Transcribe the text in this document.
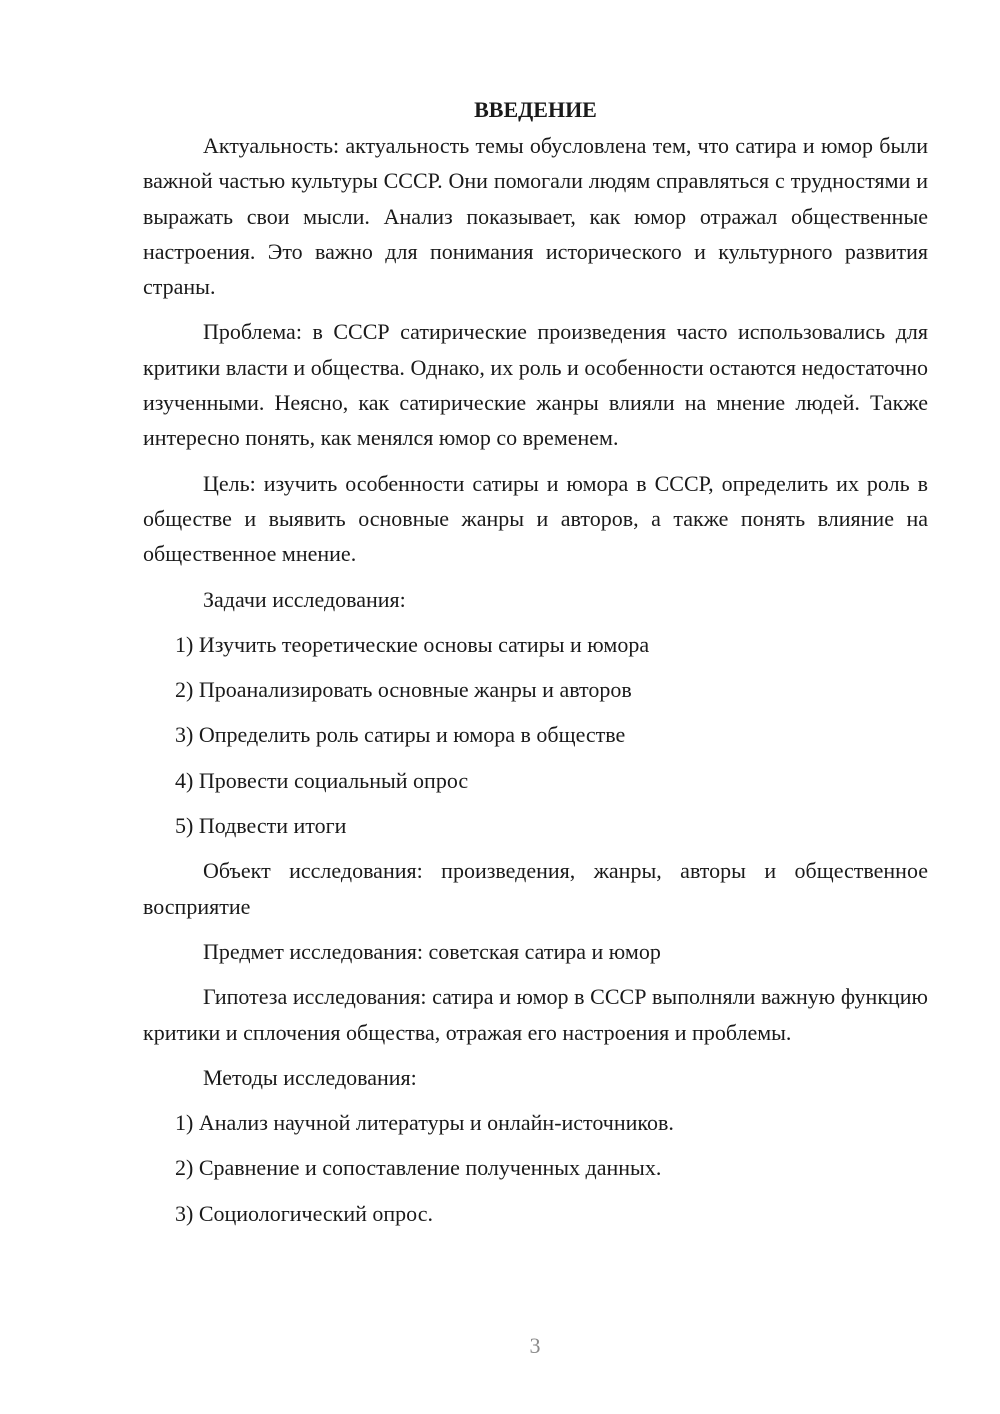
ВВЕДЕНИЕ

Актуальность: актуальность темы обусловлена тем, что сатира и юмор были важной частью культуры СССР. Они помогали людям справляться с трудностями и выражать свои мысли. Анализ показывает, как юмор отражал общественные настроения. Это важно для понимания исторического и культурного развития страны.

Проблема: в СССР сатирические произведения часто использовались для критики власти и общества. Однако, их роль и особенности остаются недостаточно изученными. Неясно, как сатирические жанры влияли на мнение людей. Также интересно понять, как менялся юмор со временем.

Цель: изучить особенности сатиры и юмора в СССР, определить их роль в обществе и выявить основные жанры и авторов, а также понять влияние на общественное мнение.

Задачи исследования:

1) Изучить теоретические основы сатиры и юмора
2) Проанализировать основные жанры и авторов
3) Определить роль сатиры и юмора в обществе
4) Провести социальный опрос
5) Подвести итоги

Объект исследования: произведения, жанры, авторы и общественное восприятие

Предмет исследования: советская сатира и юмор

Гипотеза исследования: сатира и юмор в СССР выполняли важную функцию критики и сплочения общества, отражая его настроения и проблемы.

Методы исследования:

1) Анализ научной литературы и онлайн-источников.
2) Сравнение и сопоставление полученных данных.
3) Социологический опрос.
3
